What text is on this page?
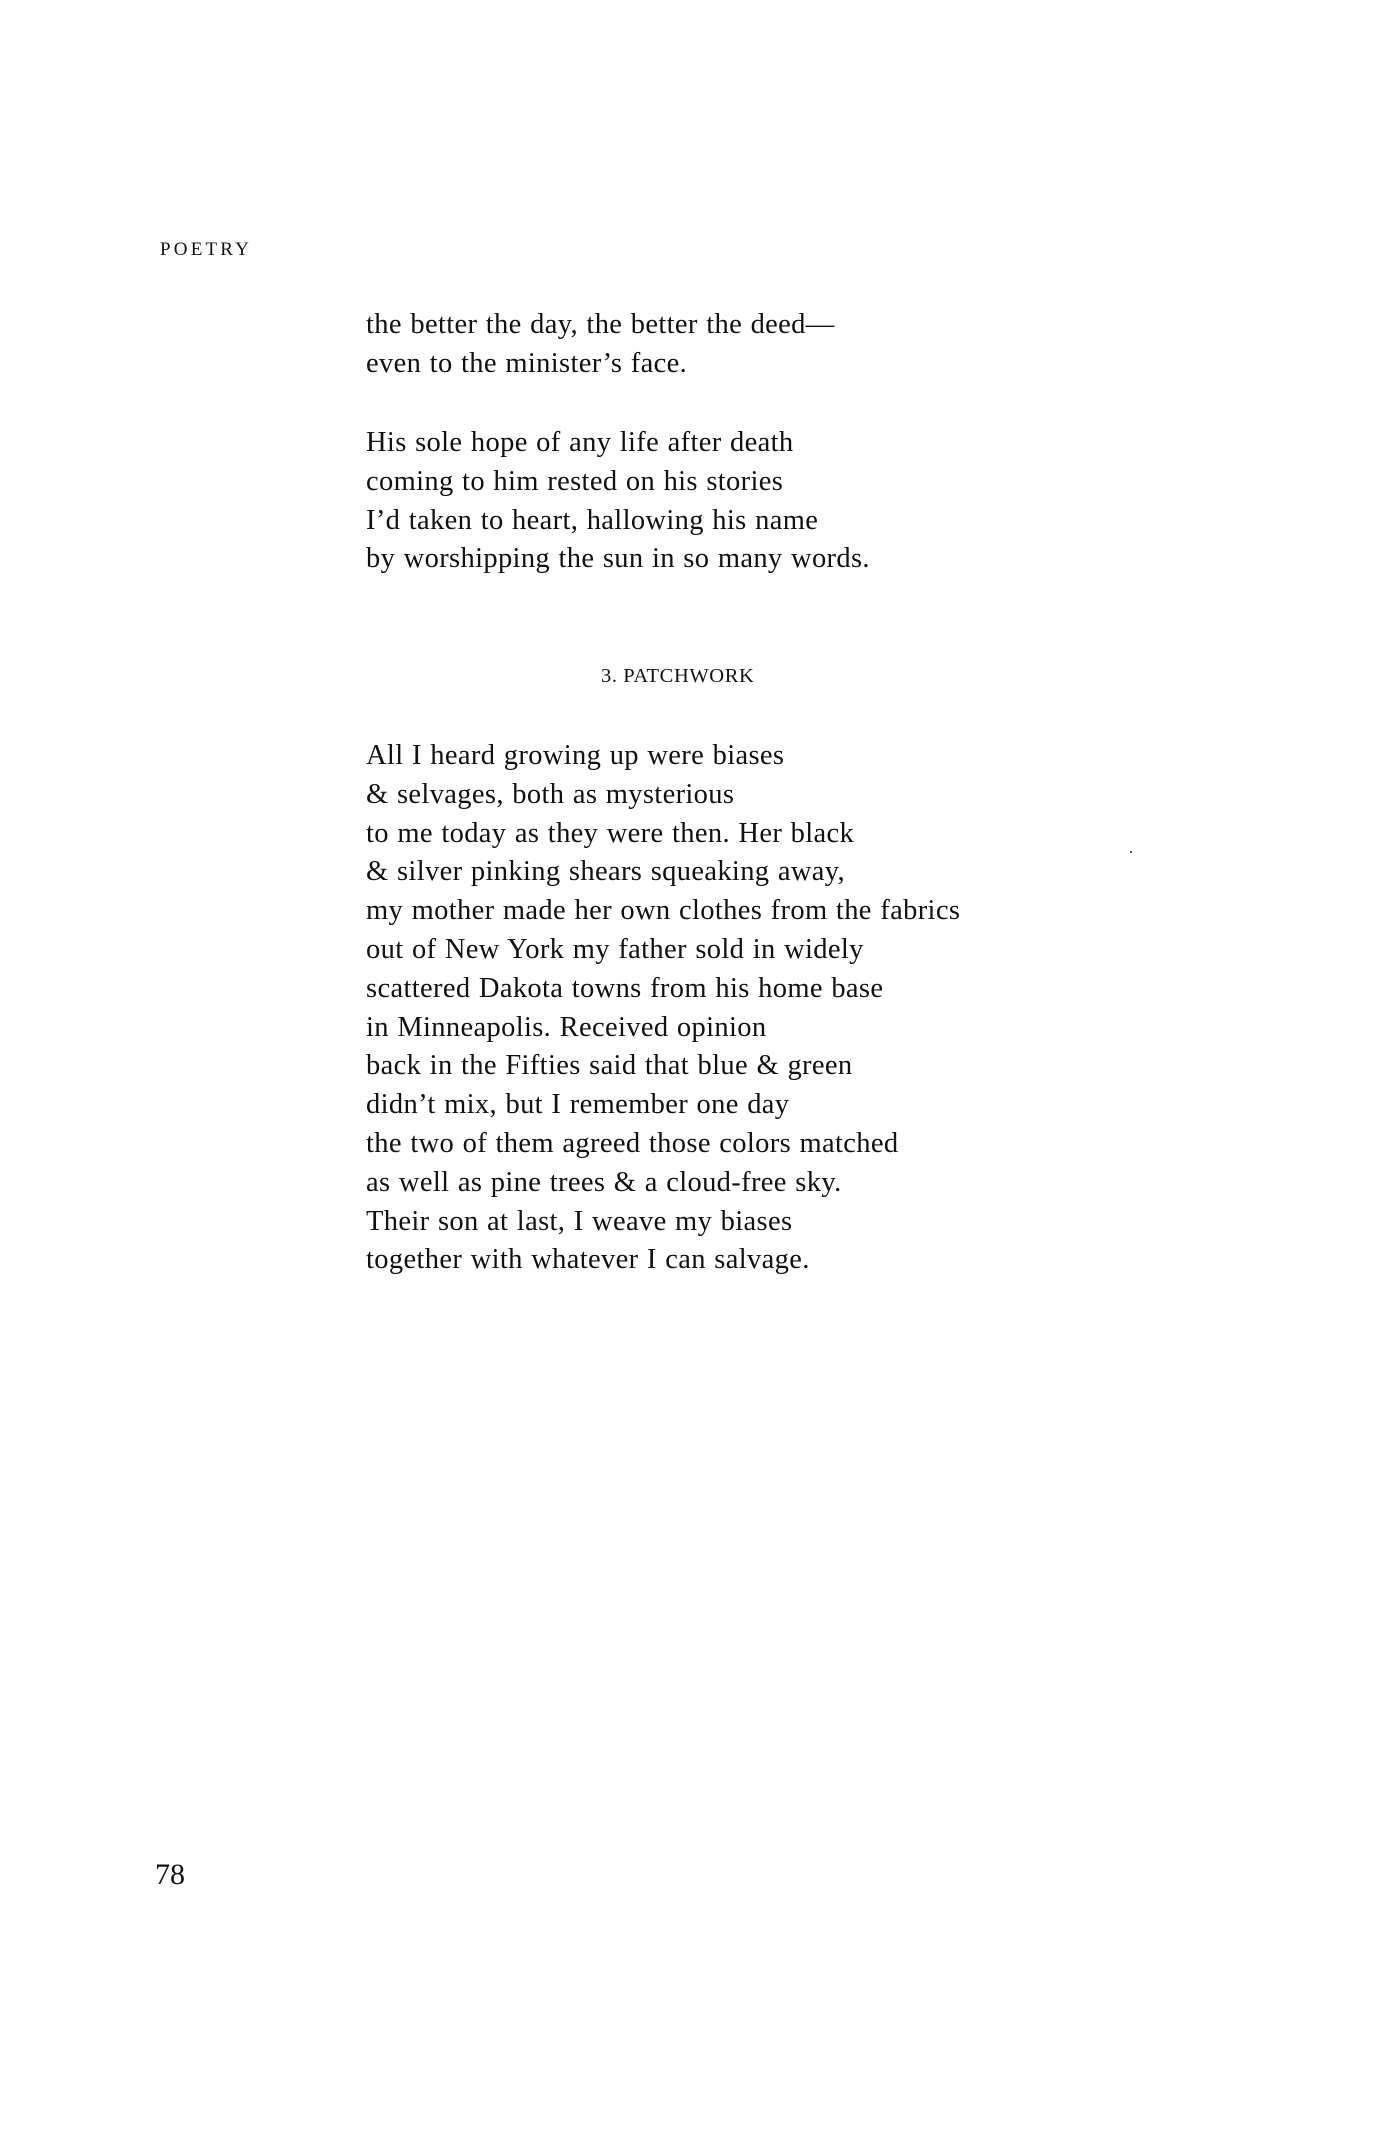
POETRY
the better the day, the better the deed—
even to the minister’s face.
His sole hope of any life after death
coming to him rested on his stories
I’d taken to heart, hallowing his name
by worshipping the sun in so many words.
3. PATCHWORK
All I heard growing up were biases
& selvages, both as mysterious
to me today as they were then. Her black
& silver pinking shears squeaking away,
my mother made her own clothes from the fabrics
out of New York my father sold in widely
scattered Dakota towns from his home base
in Minneapolis. Received opinion
back in the Fifties said that blue & green
didn’t mix, but I remember one day
the two of them agreed those colors matched
as well as pine trees & a cloud-free sky.
Their son at last, I weave my biases
together with whatever I can salvage.

78
